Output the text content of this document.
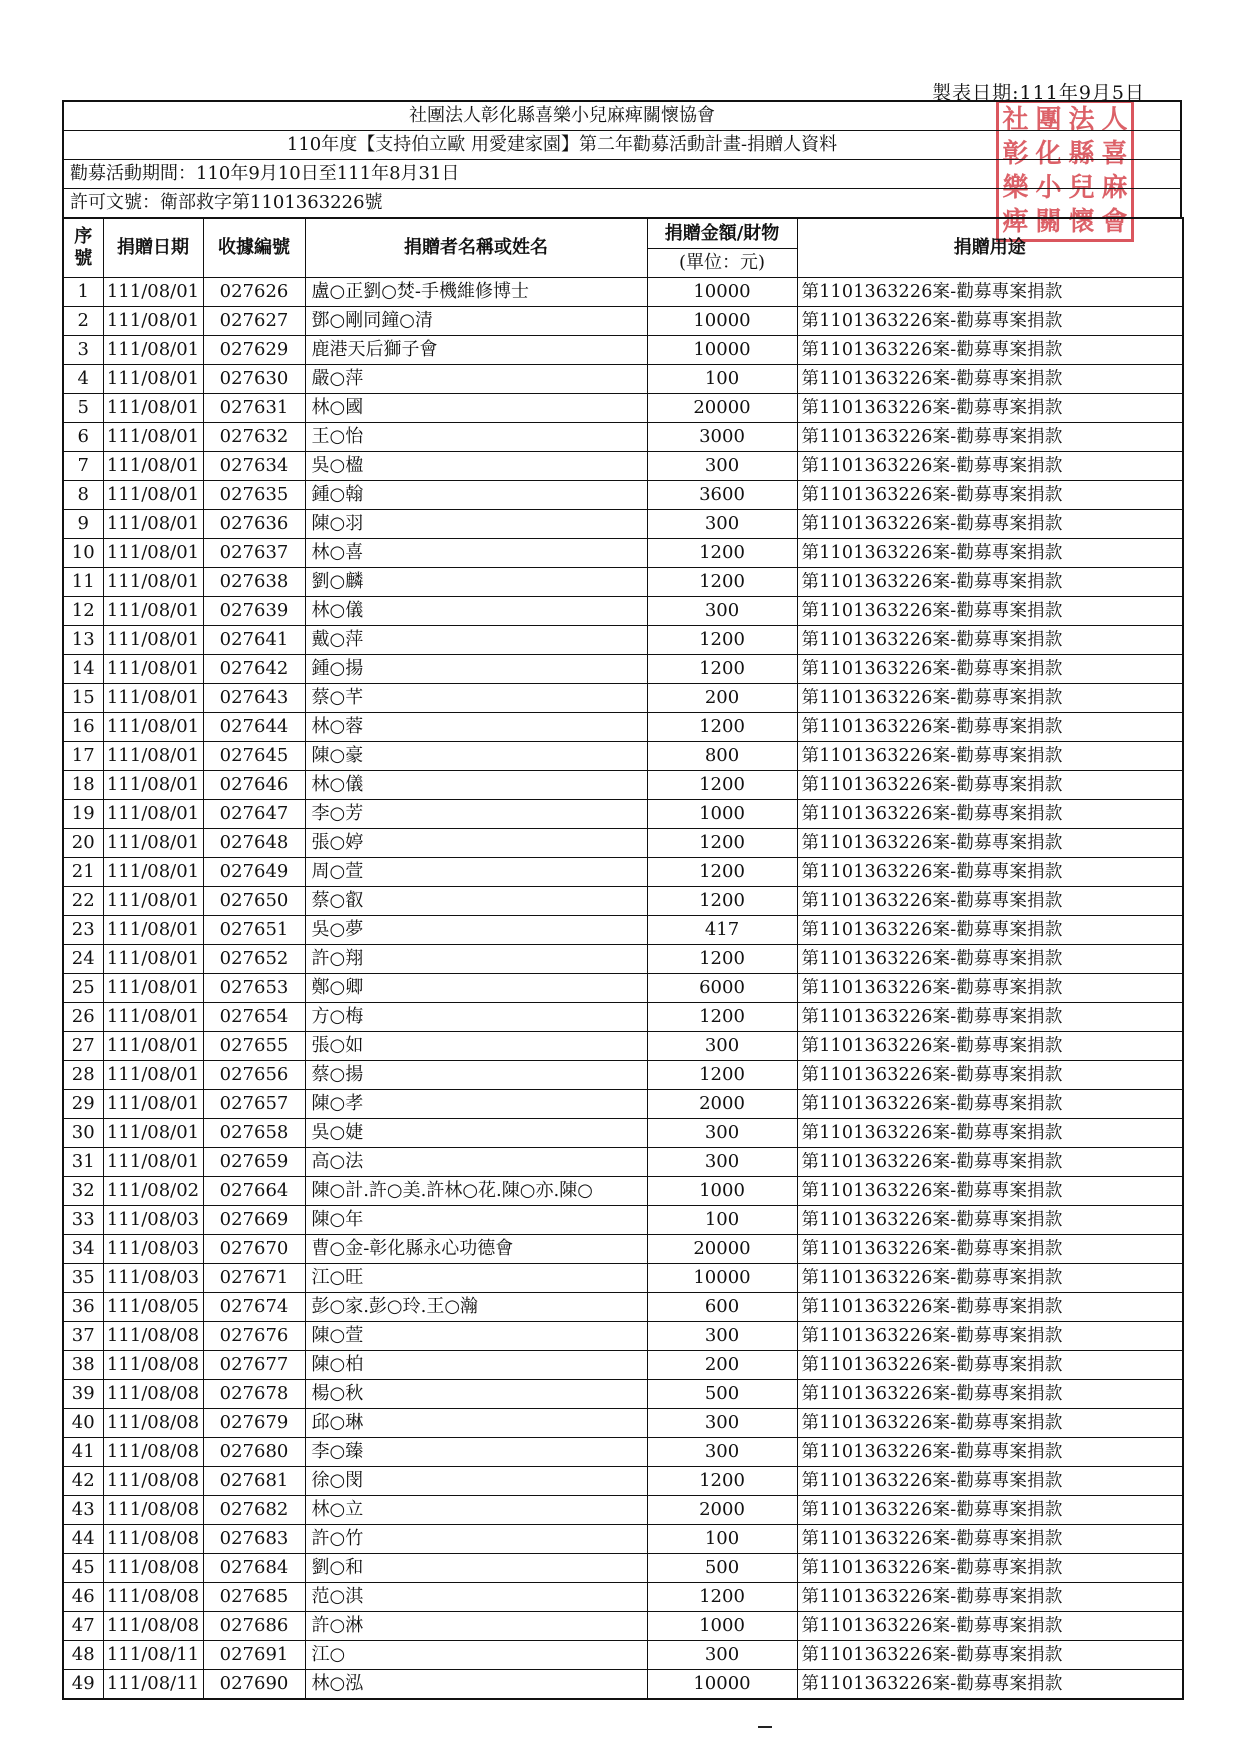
製表日期:111年9月5日
社 團 法 人
彰 化 縣 喜
樂 小 兒 麻
痺 關 懷 會
社團法人彰化縣喜樂小兒麻痺關懷協會
110年度【支持伯立歐 用愛建家園】第二年勸募活動計畫-捐贈人資料
勸募活動期間：110年9月10日至111年8月31日
許可文號：衛部救字第1101363226號
序號	捐贈日期	收據編號	捐贈者名稱或姓名	捐贈金額/財物
(單位：元)	捐贈用途
1	111/08/01	027626	盧○正劉○焚-手機維修博士	10000	第1101363226案-勸募專案捐款
2	111/08/01	027627	鄧○剛同鐘○清	10000	第1101363226案-勸募專案捐款
3	111/08/01	027629	鹿港天后獅子會	10000	第1101363226案-勸募專案捐款
4	111/08/01	027630	嚴○萍	100	第1101363226案-勸募專案捐款
5	111/08/01	027631	林○國	20000	第1101363226案-勸募專案捐款
6	111/08/01	027632	王○怡	3000	第1101363226案-勸募專案捐款
7	111/08/01	027634	吳○楹	300	第1101363226案-勸募專案捐款
8	111/08/01	027635	鍾○翰	3600	第1101363226案-勸募專案捐款
9	111/08/01	027636	陳○羽	300	第1101363226案-勸募專案捐款
10	111/08/01	027637	林○喜	1200	第1101363226案-勸募專案捐款
11	111/08/01	027638	劉○麟	1200	第1101363226案-勸募專案捐款
12	111/08/01	027639	林○儀	300	第1101363226案-勸募專案捐款
13	111/08/01	027641	戴○萍	1200	第1101363226案-勸募專案捐款
14	111/08/01	027642	鍾○揚	1200	第1101363226案-勸募專案捐款
15	111/08/01	027643	蔡○芊	200	第1101363226案-勸募專案捐款
16	111/08/01	027644	林○蓉	1200	第1101363226案-勸募專案捐款
17	111/08/01	027645	陳○豪	800	第1101363226案-勸募專案捐款
18	111/08/01	027646	林○儀	1200	第1101363226案-勸募專案捐款
19	111/08/01	027647	李○芳	1000	第1101363226案-勸募專案捐款
20	111/08/01	027648	張○婷	1200	第1101363226案-勸募專案捐款
21	111/08/01	027649	周○萱	1200	第1101363226案-勸募專案捐款
22	111/08/01	027650	蔡○叡	1200	第1101363226案-勸募專案捐款
23	111/08/01	027651	吳○夢	417	第1101363226案-勸募專案捐款
24	111/08/01	027652	許○翔	1200	第1101363226案-勸募專案捐款
25	111/08/01	027653	鄭○卿	6000	第1101363226案-勸募專案捐款
26	111/08/01	027654	方○梅	1200	第1101363226案-勸募專案捐款
27	111/08/01	027655	張○如	300	第1101363226案-勸募專案捐款
28	111/08/01	027656	蔡○揚	1200	第1101363226案-勸募專案捐款
29	111/08/01	027657	陳○孝	2000	第1101363226案-勸募專案捐款
30	111/08/01	027658	吳○婕	300	第1101363226案-勸募專案捐款
31	111/08/01	027659	高○法	300	第1101363226案-勸募專案捐款
32	111/08/02	027664	陳○計.許○美.許林○花.陳○亦.陳○	1000	第1101363226案-勸募專案捐款
33	111/08/03	027669	陳○年	100	第1101363226案-勸募專案捐款
34	111/08/03	027670	曹○金-彰化縣永心功德會	20000	第1101363226案-勸募專案捐款
35	111/08/03	027671	江○旺	10000	第1101363226案-勸募專案捐款
36	111/08/05	027674	彭○家.彭○玲.王○瀚	600	第1101363226案-勸募專案捐款
37	111/08/08	027676	陳○萱	300	第1101363226案-勸募專案捐款
38	111/08/08	027677	陳○柏	200	第1101363226案-勸募專案捐款
39	111/08/08	027678	楊○秋	500	第1101363226案-勸募專案捐款
40	111/08/08	027679	邱○琳	300	第1101363226案-勸募專案捐款
41	111/08/08	027680	李○臻	300	第1101363226案-勸募專案捐款
42	111/08/08	027681	徐○閔	1200	第1101363226案-勸募專案捐款
43	111/08/08	027682	林○立	2000	第1101363226案-勸募專案捐款
44	111/08/08	027683	許○竹	100	第1101363226案-勸募專案捐款
45	111/08/08	027684	劉○和	500	第1101363226案-勸募專案捐款
46	111/08/08	027685	范○淇	1200	第1101363226案-勸募專案捐款
47	111/08/08	027686	許○淋	1000	第1101363226案-勸募專案捐款
48	111/08/11	027691	江○	300	第1101363226案-勸募專案捐款
49	111/08/11	027690	林○泓	10000	第1101363226案-勸募專案捐款
